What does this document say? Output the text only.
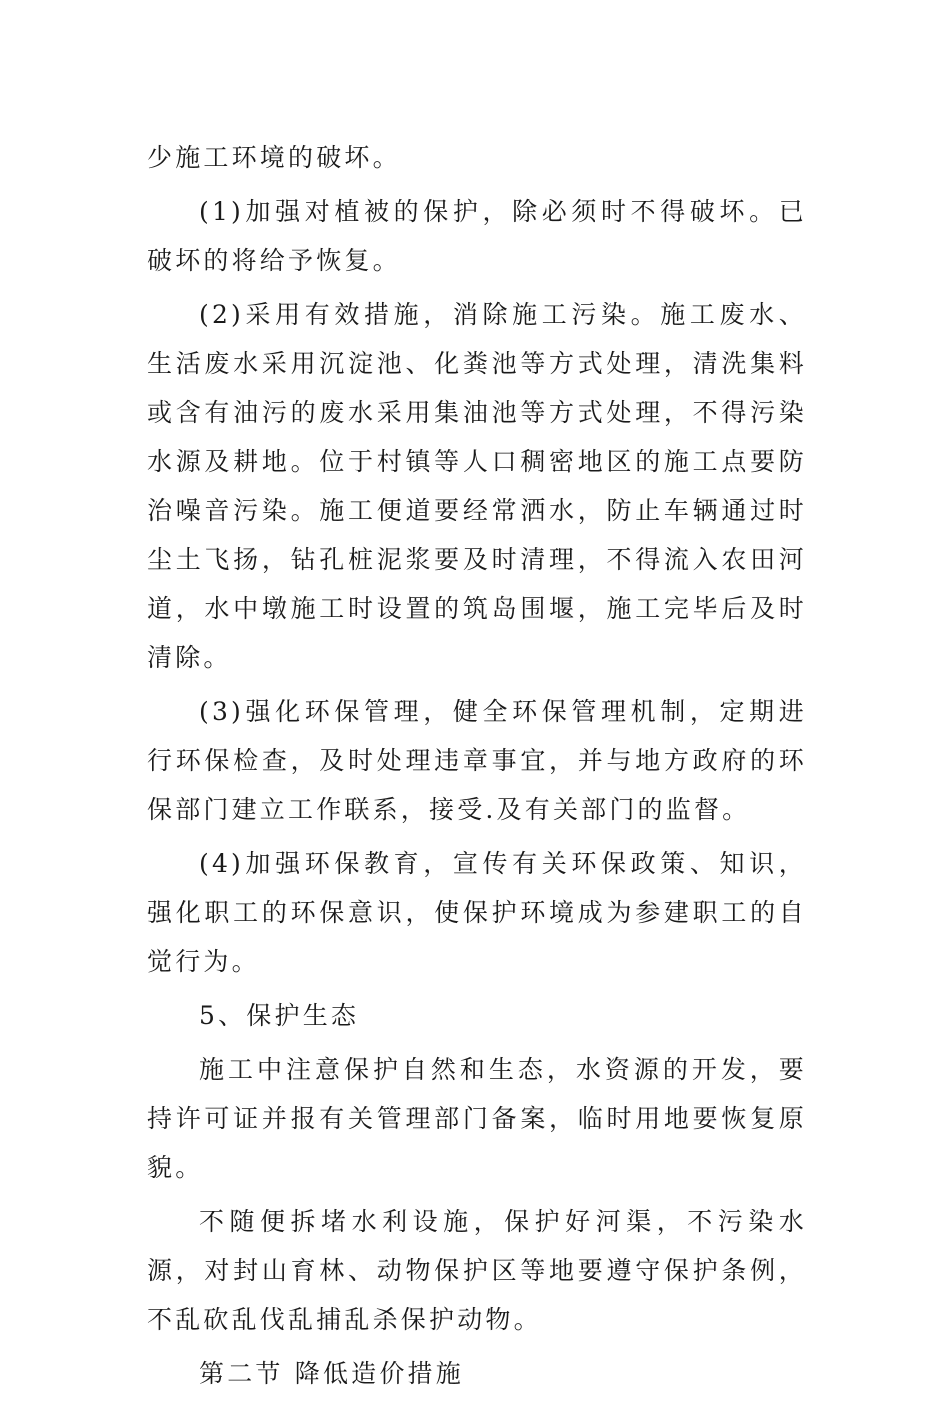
少施工环境的破坏。

(1)加强对植被的保护，除必须时不得破坏。已破坏的将给予恢复。

(2)采用有效措施，消除施工污染。施工废水、生活废水采用沉淀池、化粪池等方式处理，清洗集料或含有油污的废水采用集油池等方式处理，不得污染水源及耕地。位于村镇等人口稠密地区的施工点要防治噪音污染。施工便道要经常洒水，防止车辆通过时尘土飞扬，钻孔桩泥浆要及时清理，不得流入农田河道，水中墩施工时设置的筑岛围堰，施工完毕后及时清除。

(3)强化环保管理，健全环保管理机制，定期进行环保检查，及时处理违章事宜，并与地方政府的环保部门建立工作联系，接受.及有关部门的监督。

(4)加强环保教育，宣传有关环保政策、知识，强化职工的环保意识，使保护环境成为参建职工的自觉行为。

5、保护生态

施工中注意保护自然和生态，水资源的开发，要持许可证并报有关管理部门备案，临时用地要恢复原貌。

不随便拆堵水利设施，保护好河渠，不污染水源，对封山育林、动物保护区等地要遵守保护条例，不乱砍乱伐乱捕乱杀保护动物。

第二节 降低造价措施
